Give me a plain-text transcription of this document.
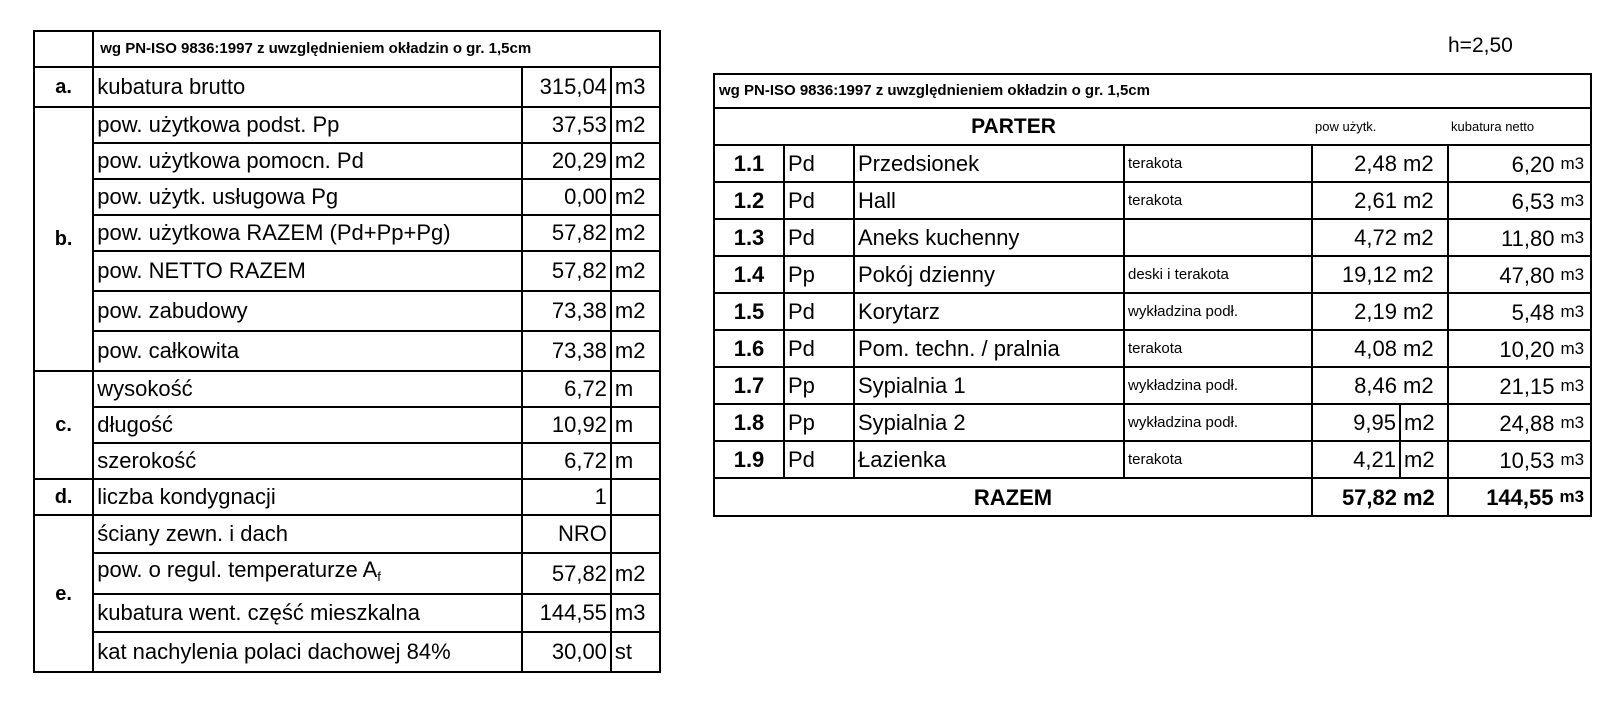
	wg PN-ISO 9836:1997 z uwzględnieniem okładzin o gr. 1,5cm		
a.	kubatura brutto	315,04	m3
b.	pow. użytkowa podst. Pp	37,53	m2
	pow. użytkowa pomocn. Pd	20,29	m2
	pow. użytk. usługowa Pg	0,00	m2
	pow. użytkowa RAZEM (Pd+Pp+Pg)	57,82	m2
	pow. NETTO RAZEM	57,82	m2
	pow. zabudowy	73,38	m2
	pow. całkowita	73,38	m2
c.	wysokość	6,72	m
	długość	10,92	m
	szerokość	6,72	m
d.	liczba kondygnacji	1	
e.	ściany zewn. i dach	NRO	
	pow. o regul. temperaturze $A_f$	57,82	m2
	kubatura went. część mieszkalna	144,55	m3
	kat nachylenia polaci dachowej 84%	30,00	st
h=2,50
wg PN-ISO 9836:1997 z uwzględnieniem okładzin o gr. 1,5cm						
PARTER				pow użytk.		kubatura netto
1.1	Pd	Przedsionek	terakota	2,48	m2	6,20 m3
1.2	Pd	Hall	terakota	2,61	m2	6,53 m3
1.3	Pd	Aneks kuchenny		4,72	m2	11,80 m3
1.4	Pp	Pokój dzienny	deski i terakota	19,12	m2	47,80 m3
1.5	Pd	Korytarz	wykładzina podł.	2,19	m2	5,48 m3
1.6	Pd	Pom. techn. / pralnia	terakota	4,08	m2	10,20 m3
1.7	Pp	Sypialnia 1	wykładzina podł.	8,46	m2	21,15 m3
1.8	Pp	Sypialnia 2	wykładzina podł.	9,95	m2	24,88 m3
1.9	Pd	Łazienka	terakota	4,21	m2	10,53 m3
RAZEM				57,82	m2	144,55 m3
